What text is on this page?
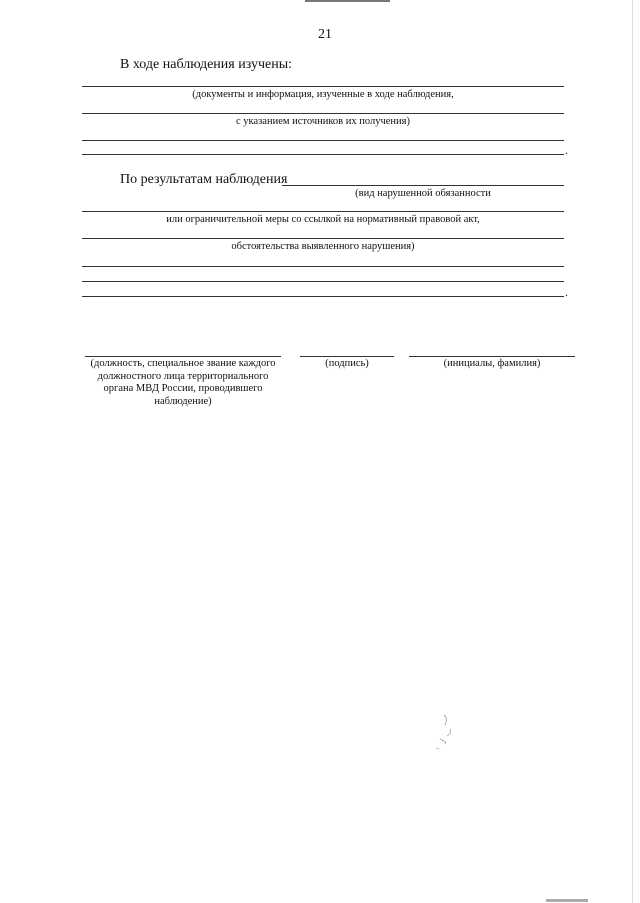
21
В ходе наблюдения изучены:
(документы и информация, изученные в ходе наблюдения,
с указанием источников их получения)
.
По результатам наблюдения
(вид нарушенной обязанности
или ограничительной меры со ссылкой на нормативный правовой акт,
обстоятельства выявленного нарушения)
.
(должность, специальное звание каждого
должностного лица территориального
органа МВД России, проводившего
наблюдение)
(подпись)	(инициалы, фамилия)
